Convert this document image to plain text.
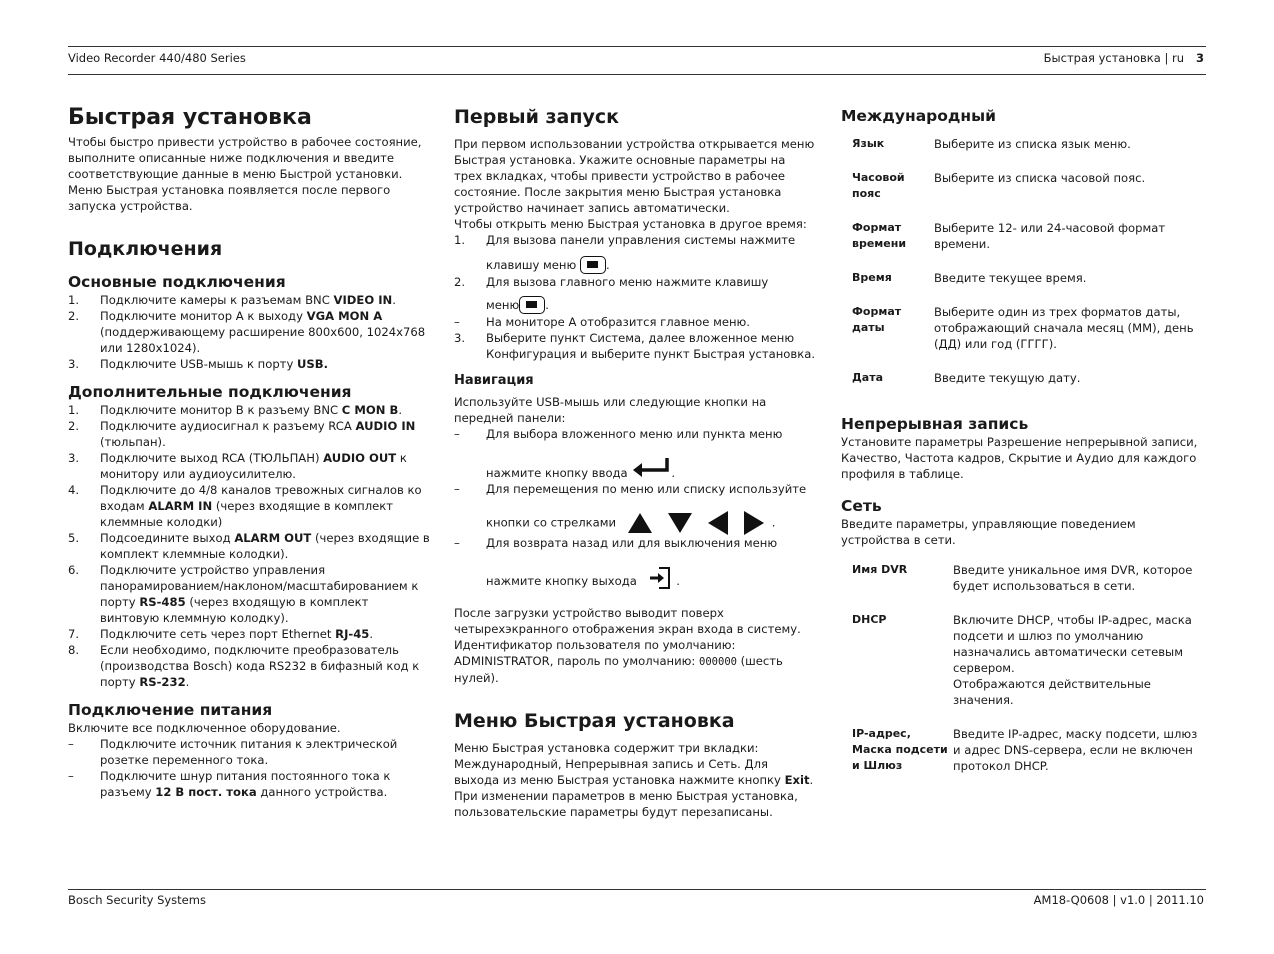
Video Recorder 440/480 Series	Быстрая установка | ru 3
Быстрая установка

Чтобы быстро привести устройство в рабочее состояние, выполните описанные ниже подключения и введите соответствующие данные в меню Быстрой установки. Меню Быстрая установка появляется после первого запуска устройства.

Подключения
Основные подключения
1.	Подключите камеры к разъемам BNC VIDEO IN.
2.	Подключите монитор A к выходу VGA MON A (поддерживающему расширение 800x600, 1024x768 или 1280x1024).
3.	Подключите USB-мышь к порту USB.
Дополнительные подключения
1.	Подключите монитор B к разъему BNC C MON B.
2.	Подключите аудиосигнал к разъему RCA AUDIO IN (тюльпан).
3.	Подключите выход RCA (ТЮЛЬПАН) AUDIO OUT к монитору или аудиоусилителю.
4.	Подключите до 4/8 каналов тревожных сигналов ко входам ALARM IN (через входящие в комплект клеммные колодки)
5.	Подсоедините выход ALARM OUT (через входящие в комплект клеммные колодки).
6.	Подключите устройство управления панорамированием/наклоном/масштабированием к порту RS-485 (через входящую в комплект винтовую клеммную колодку).
7.	Подключите сеть через порт Ethernet RJ-45.
8.	Если необходимо, подключите преобразователь (производства Bosch) кода RS232 в бифазный код к порту RS-232.
Подключение питания

Включите все подключенное оборудование.

–	Подключите источник питания к электрической розетке переменного тока.
–	Подключите шнур питания постоянного тока к разъему 12 В пост. тока данного устройства.
Первый запуск

При первом использовании устройства открывается меню Быстрая установка. Укажите основные параметры на трех вкладках, чтобы привести устройство в рабочее состояние. После закрытия меню Быстрая установка устройство начинает запись автоматически.

Чтобы открыть меню Быстрая установка в другое время:

1.	Для вызова панели управления системы нажмите
клавишу меню	.
2.	Для вызова главного меню нажмите клавишу
меню .
–	На мониторе A отобразится главное меню.
3.	Выберите пункт Система, далее вложенное меню Конфигурация и выберите пункт Быстрая установка.
Навигация

Используйте USB-мышь или следующие кнопки на передней панели:

–	Для выбора вложенного меню или пункта меню
нажмите кнопку ввода	.
–	Для перемещения по меню или списку используйте
кнопки со стрелками	.
–	Для возврата назад или для выключения меню
нажмите кнопку выхода	.

После загрузки устройство выводит поверх четырехэкранного отображения экран входа в систему. Идентификатор пользователя по умолчанию: ADMINISTRATOR, пароль по умолчанию: 000000 (шесть нулей).

Меню Быстрая установка

Меню Быстрая установка содержит три вкладки: Международный, Непрерывная запись и Сеть. Для выхода из меню Быстрая установка нажмите кнопку Exit. При изменении параметров в меню Быстрая установка, пользовательские параметры будут перезаписаны.

Международный
Язык	Выберите из списка язык меню.

Часовой пояс	Выберите из списка часовой пояс.

Формат времени	Выберите 12- или 24-часовой формат времени.

Время	Введите текущее время.

Формат даты	Выберите один из трех форматов даты, отображающий сначала месяц (ММ), день (ДД) или год (ГГГГ).

Дата	Введите текущую дату.
Непрерывная запись

Установите параметры Разрешение непрерывной записи, Качество, Частота кадров, Скрытие и Аудио для каждого профиля в таблице.

Сеть

Введите параметры, управляющие поведением устройства в сети.

Имя DVR	Введите уникальное имя DVR, которое будет использоваться в сети.

DHCP	Включите DHCP, чтобы IP-адрес, маска подсети и шлюз по умолчанию назначались автоматически сетевым сервером.
Отображаются действительные значения.

IP-адрес, Маска подсети и Шлюз	Введите IP-адрес, маску подсети, шлюз и адрес DNS-сервера, если не включен протокол DHCP.
Bosch Security Systems	AM18-Q0608 | v1.0 | 2011.10
